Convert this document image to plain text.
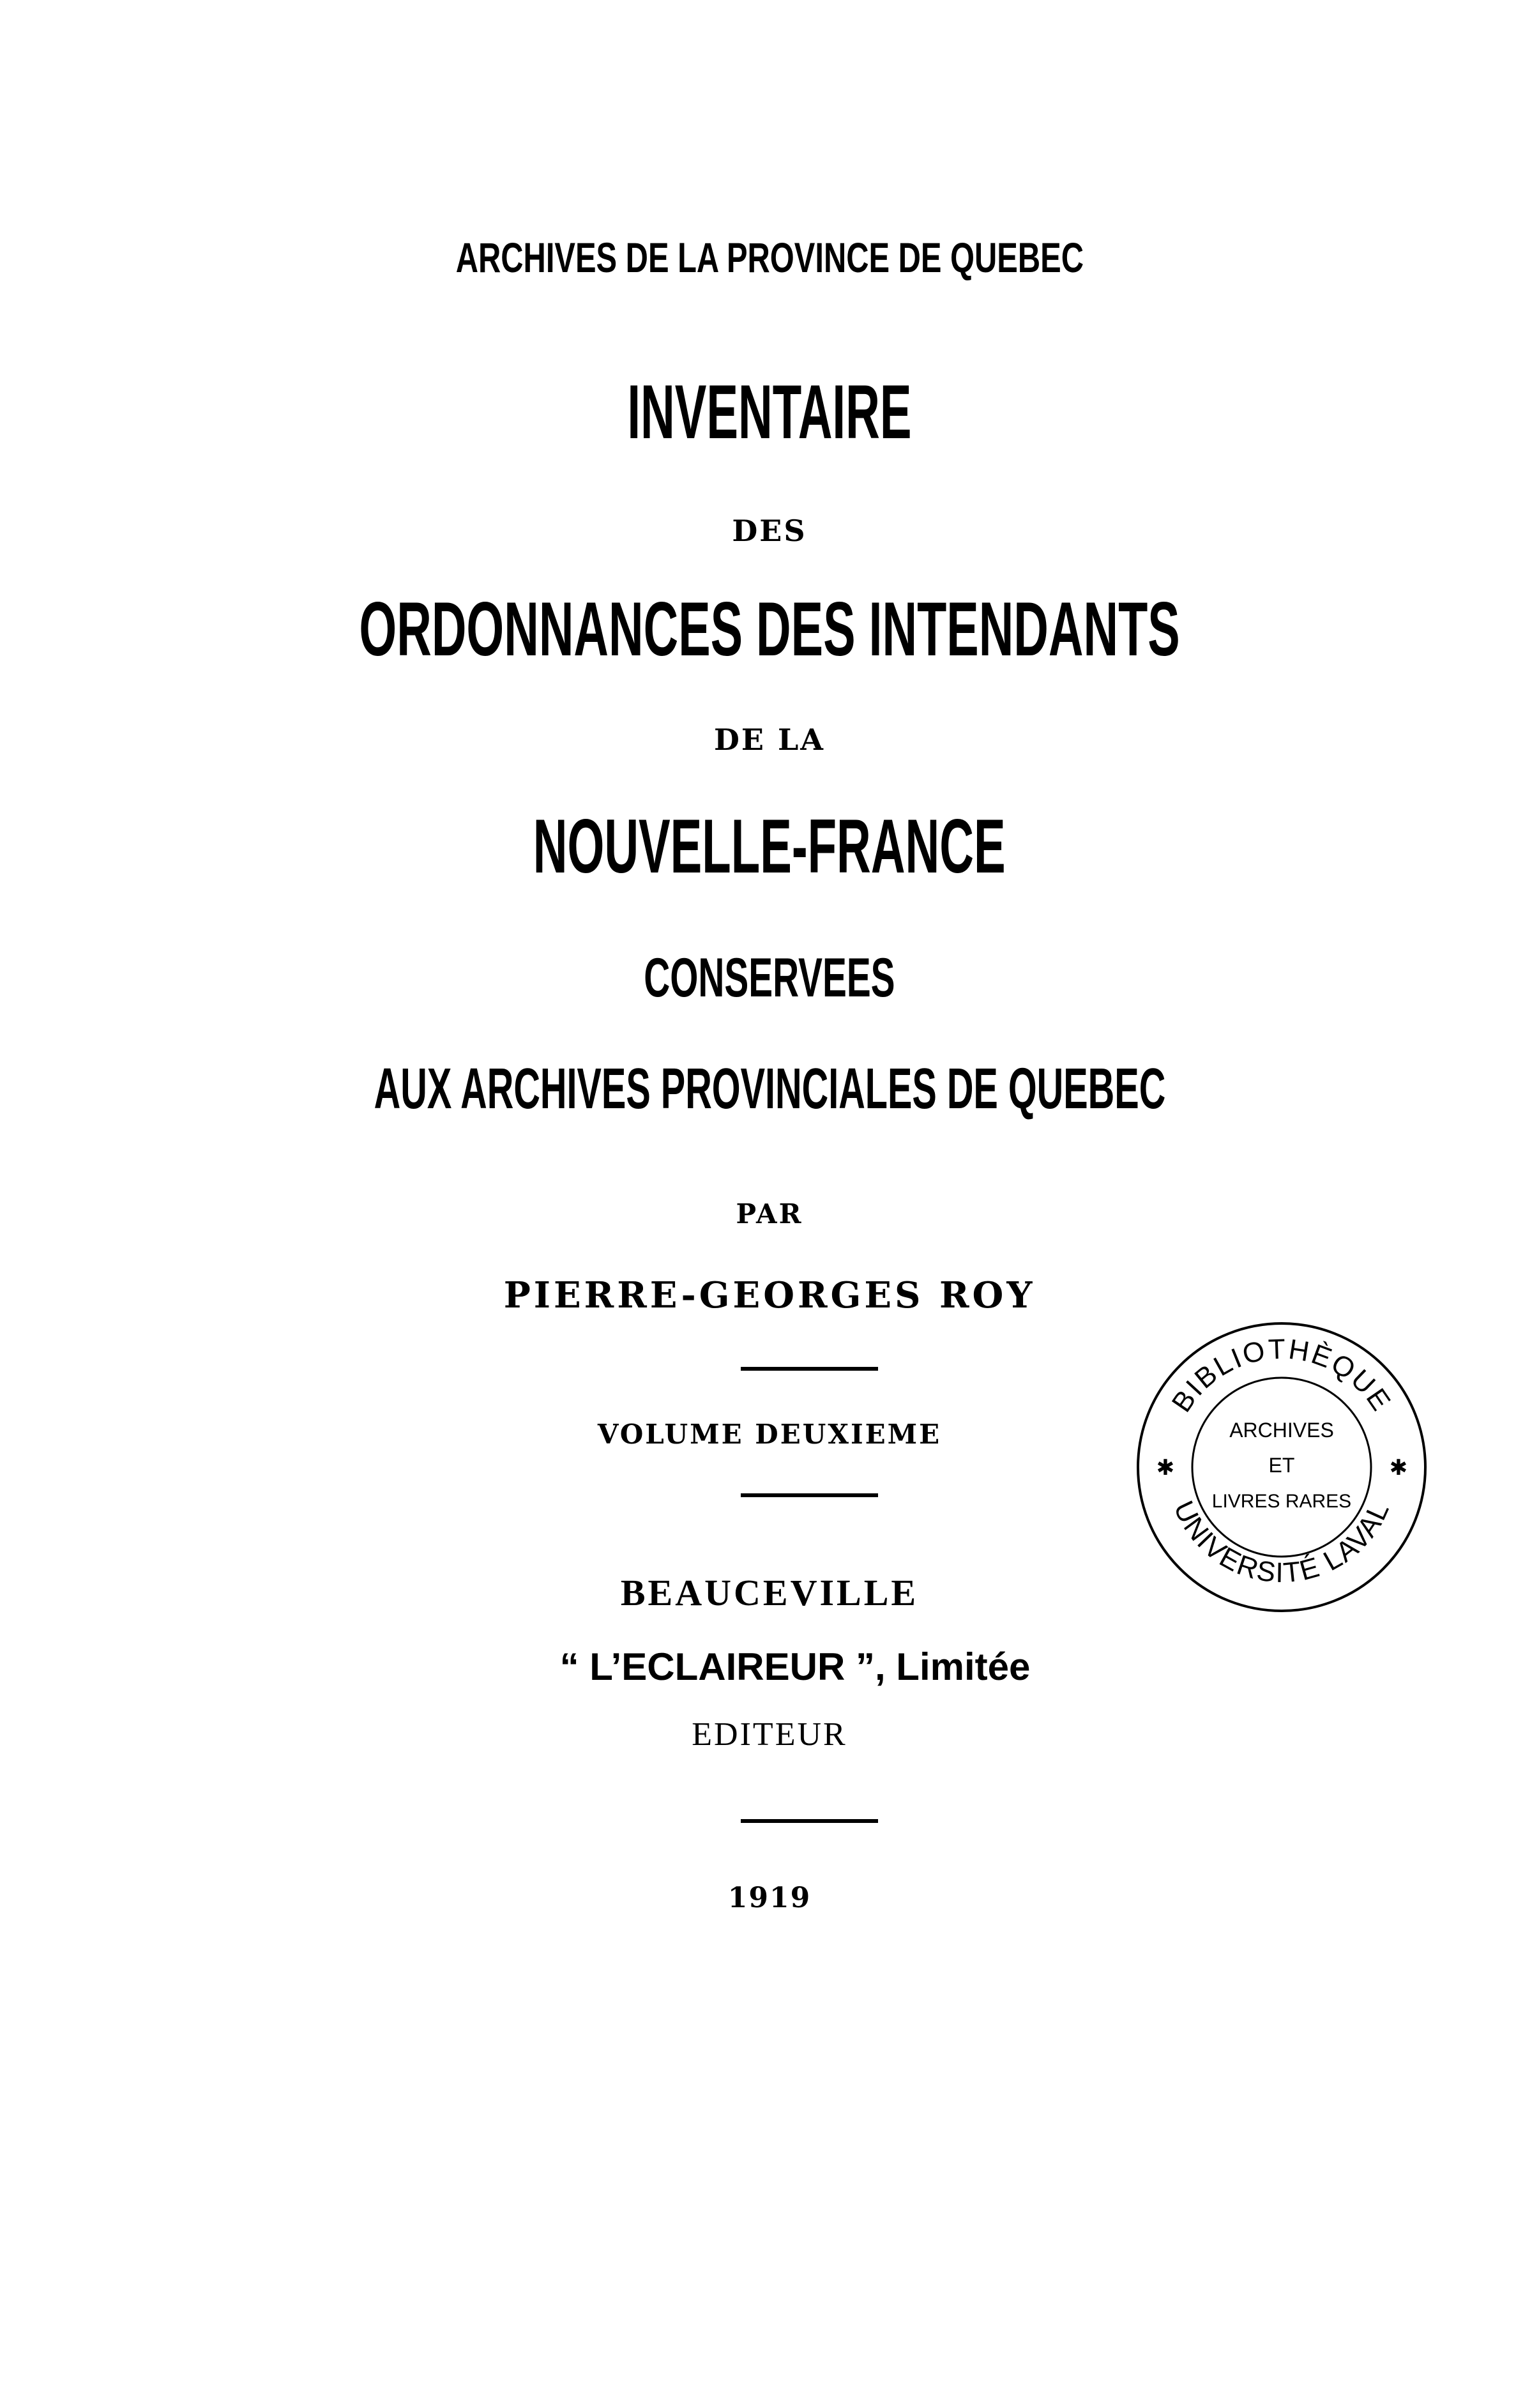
ARCHIVES DE LA PROVINCE DE QUEBEC
INVENTAIRE
DES
ORDONNANCES DES INTENDANTS
DE LA
NOUVELLE-FRANCE
CONSERVEES
AUX ARCHIVES PROVINCIALES DE QUEBEC
PAR
PIERRE-GEORGES ROY
VOLUME DEUXIEME
BEAUCEVILLE
“ L’ECLAIREUR ”, Limitée
EDITEUR
1919
BIBLIOTHÈQUE
UNIVERSITÉ LAVAL
✱	✱
ARCHIVES
ET
LIVRES RARES
